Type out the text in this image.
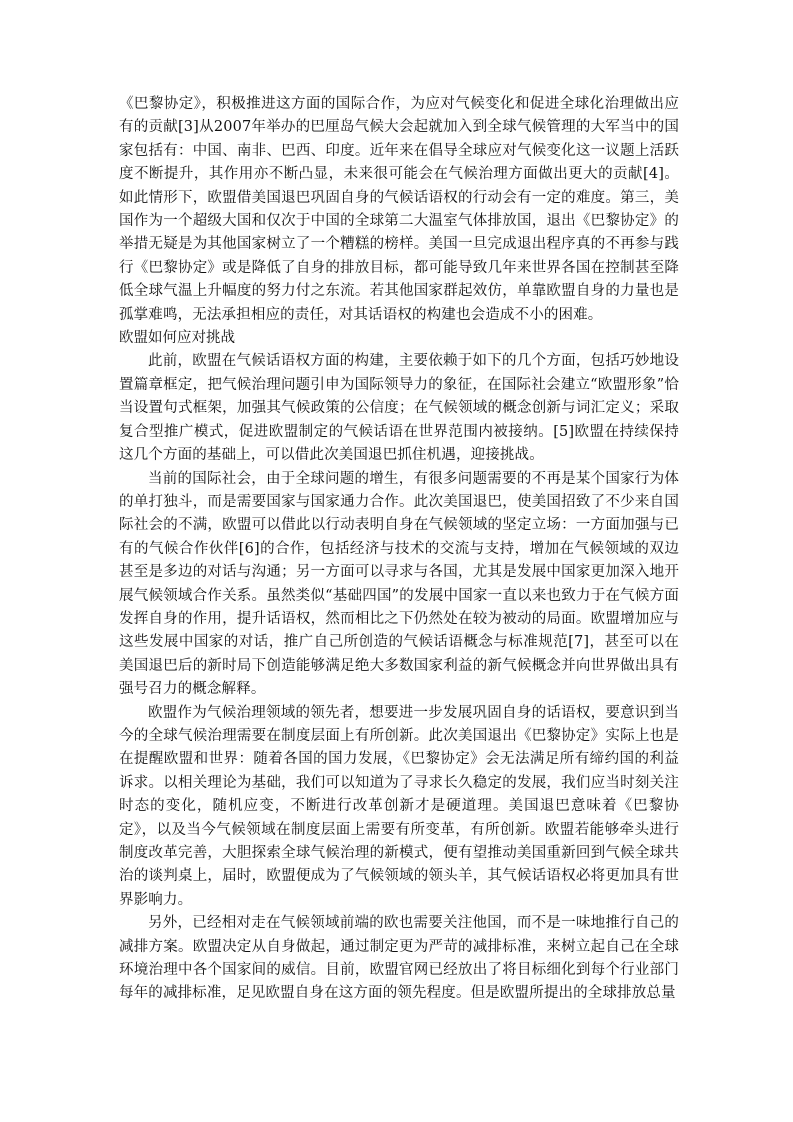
《巴黎协定》，积极推进这方面的国际合作，为应对气候变化和促进全球化治理做出应有的贡献[3]从2007年举办的巴厘岛气候大会起就加入到全球气候管理的大军当中的国家包括有：中国、南非、巴西、印度。近年来在倡导全球应对气候变化这一议题上活跃度不断提升，其作用亦不断凸显，未来很可能会在气候治理方面做出更大的贡献[4]。如此情形下，欧盟借美国退巴巩固自身的气候话语权的行动会有一定的难度。第三，美国作为一个超级大国和仅次于中国的全球第二大温室气体排放国，退出《巴黎协定》的举措无疑是为其他国家树立了一个糟糕的榜样。美国一旦完成退出程序真的不再参与践行《巴黎协定》或是降低了自身的排放目标，都可能导致几年来世界各国在控制甚至降低全球气温上升幅度的努力付之东流。若其他国家群起效仿，单靠欧盟自身的力量也是孤掌难鸣，无法承担相应的责任，对其话语权的构建也会造成不小的困难。

欧盟如何应对挑战

此前，欧盟在气候话语权方面的构建，主要依赖于如下的几个方面，包括巧妙地设置篇章框定，把气候治理问题引申为国际领导力的象征，在国际社会建立“欧盟形象”恰当设置句式框架，加强其气候政策的公信度；在气候领域的概念创新与词汇定义；采取复合型推广模式，促进欧盟制定的气候话语在世界范围内被接纳。[5]欧盟在持续保持这几个方面的基础上，可以借此次美国退巴抓住机遇，迎接挑战。

当前的国际社会，由于全球问题的增生，有很多问题需要的不再是某个国家行为体的单打独斗，而是需要国家与国家通力合作。此次美国退巴，使美国招致了不少来自国际社会的不满，欧盟可以借此以行动表明自身在气候领域的坚定立场：一方面加强与已有的气候合作伙伴[6]的合作，包括经济与技术的交流与支持，增加在气候领域的双边甚至是多边的对话与沟通；另一方面可以寻求与各国，尤其是发展中国家更加深入地开展气候领域合作关系。虽然类似“基础四国”的发展中国家一直以来也致力于在气候方面发挥自身的作用，提升话语权，然而相比之下仍然处在较为被动的局面。欧盟增加应与这些发展中国家的对话，推广自己所创造的气候话语概念与标准规范[7]，甚至可以在美国退巴后的新时局下创造能够满足绝大多数国家利益的新气候概念并向世界做出具有强号召力的概念解释。

欧盟作为气候治理领域的领先者，想要进一步发展巩固自身的话语权，要意识到当今的全球气候治理需要在制度层面上有所创新。此次美国退出《巴黎协定》实际上也是在提醒欧盟和世界：随着各国的国力发展，《巴黎协定》会无法满足所有缔约国的利益诉求。以相关理论为基础，我们可以知道为了寻求长久稳定的发展，我们应当时刻关注时态的变化，随机应变，不断进行改革创新才是硬道理。美国退巴意味着《巴黎协定》，以及当今气候领域在制度层面上需要有所变革，有所创新。欧盟若能够牵头进行制度改革完善，大胆探索全球气候治理的新模式，便有望推动美国重新回到气候全球共治的谈判桌上，届时，欧盟便成为了气候领域的领头羊，其气候话语权必将更加具有世界影响力。

另外，已经相对走在气候领域前端的欧也需要关注他国，而不是一味地推行自己的减排方案。欧盟决定从自身做起，通过制定更为严苛的减排标准，来树立起自己在全球环境治理中各个国家间的威信。目前，欧盟官网已经放出了将目标细化到每个行业部门每年的减排标准，足见欧盟自身在这方面的领先程度。但是欧盟所提出的全球排放总量
